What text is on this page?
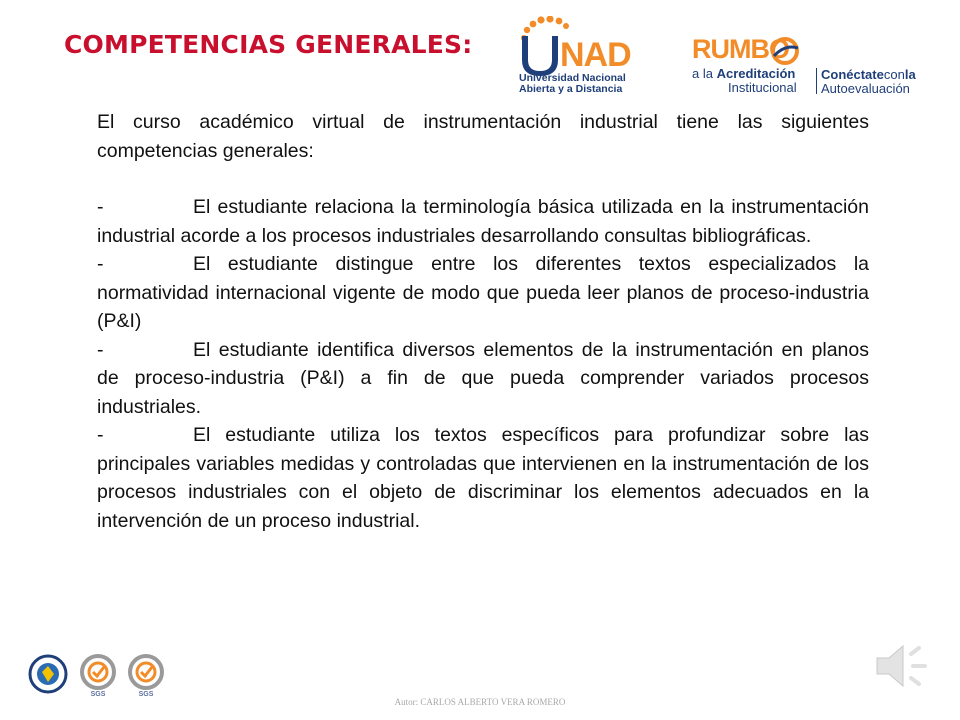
COMPETENCIAS GENERALES:	NAD
Universidad Nacional
Abierta y a Distancia
RUMBO
a la Acreditación
Institucional
Conéctateconla
Autoevaluación

El curso académico virtual de instrumentación industrial tiene las siguientes competencias generales:

-	El estudiante relaciona la terminología básica utilizada en la instrumentación industrial acorde a los procesos industriales desarrollando consultas bibliográficas.

-	El estudiante distingue entre los diferentes textos especializados la normatividad internacional vigente de modo que pueda leer planos de proceso-industria (P&I)

-	El estudiante identifica diversos elementos de la instrumentación en planos de proceso-industria (P&I) a fin de que pueda comprender variados procesos industriales.

-	El estudiante utiliza los textos específicos para profundizar sobre las principales variables medidas y controladas que intervienen en la instrumentación de los procesos industriales con el objeto de discriminar los elementos adecuados en la intervención de un proceso industrial.

SGS	SGS
Autor: CARLOS ALBERTO VERA ROMERO
